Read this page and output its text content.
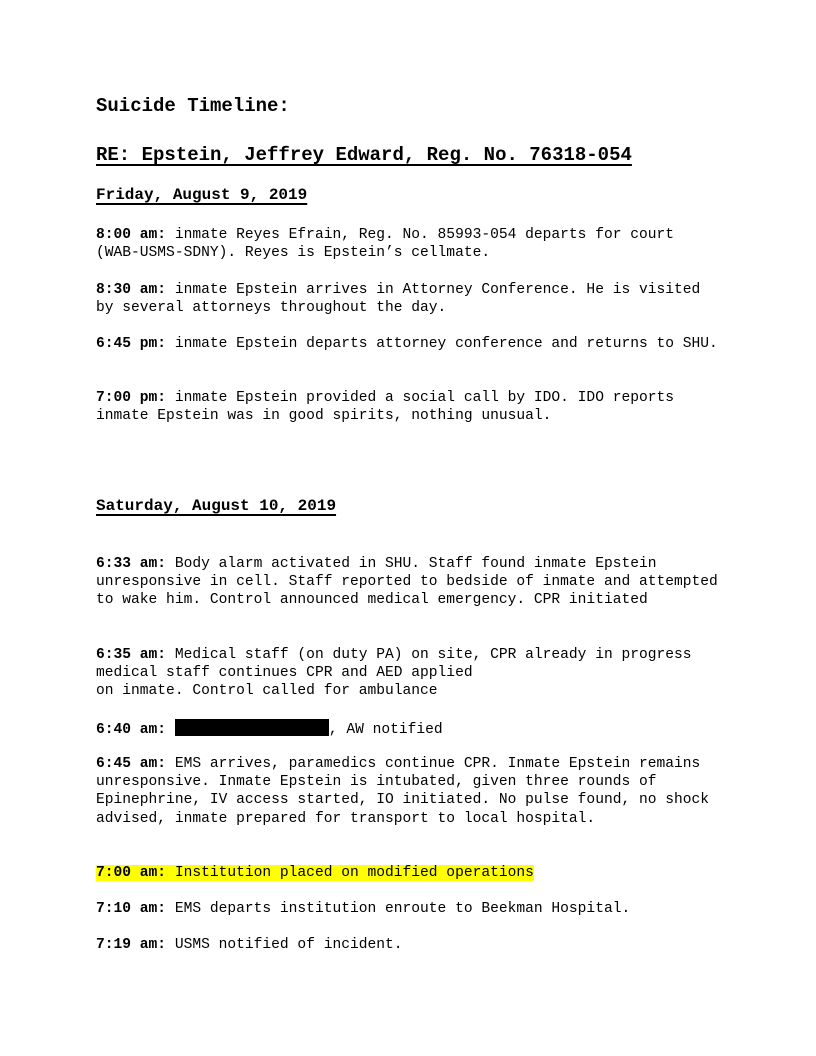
Suicide Timeline:
RE: Epstein, Jeffrey Edward, Reg. No. 76318-054
Friday, August 9, 2019
8:00 am: inmate Reyes Efrain, Reg. No. 85993-054 departs for court (WAB-USMS-SDNY). Reyes is Epstein’s cellmate.
8:30 am: inmate Epstein arrives in Attorney Conference. He is visited by several attorneys throughout the day.
6:45 pm: inmate Epstein departs attorney conference and returns to SHU.
7:00 pm: inmate Epstein provided a social call by IDO. IDO reports inmate Epstein was in good spirits, nothing unusual.
Saturday, August 10, 2019
6:33 am: Body alarm activated in SHU. Staff found inmate Epstein unresponsive in cell. Staff reported to bedside of inmate and attempted to wake him. Control announced medical emergency. CPR initiated
6:35 am: Medical staff (on duty PA) on site, CPR already in progress medical staff continues CPR and AED applied
on inmate. Control called for ambulance
6:40 am:	, AW notified
6:45 am: EMS arrives, paramedics continue CPR. Inmate Epstein remains unresponsive. Inmate Epstein is intubated, given three rounds of Epinephrine, IV access started, IO initiated. No pulse found, no shock advised, inmate prepared for transport to local hospital.
7:00 am: Institution placed on modified operations
7:10 am: EMS departs institution enroute to Beekman Hospital.
7:19 am: USMS notified of incident.
